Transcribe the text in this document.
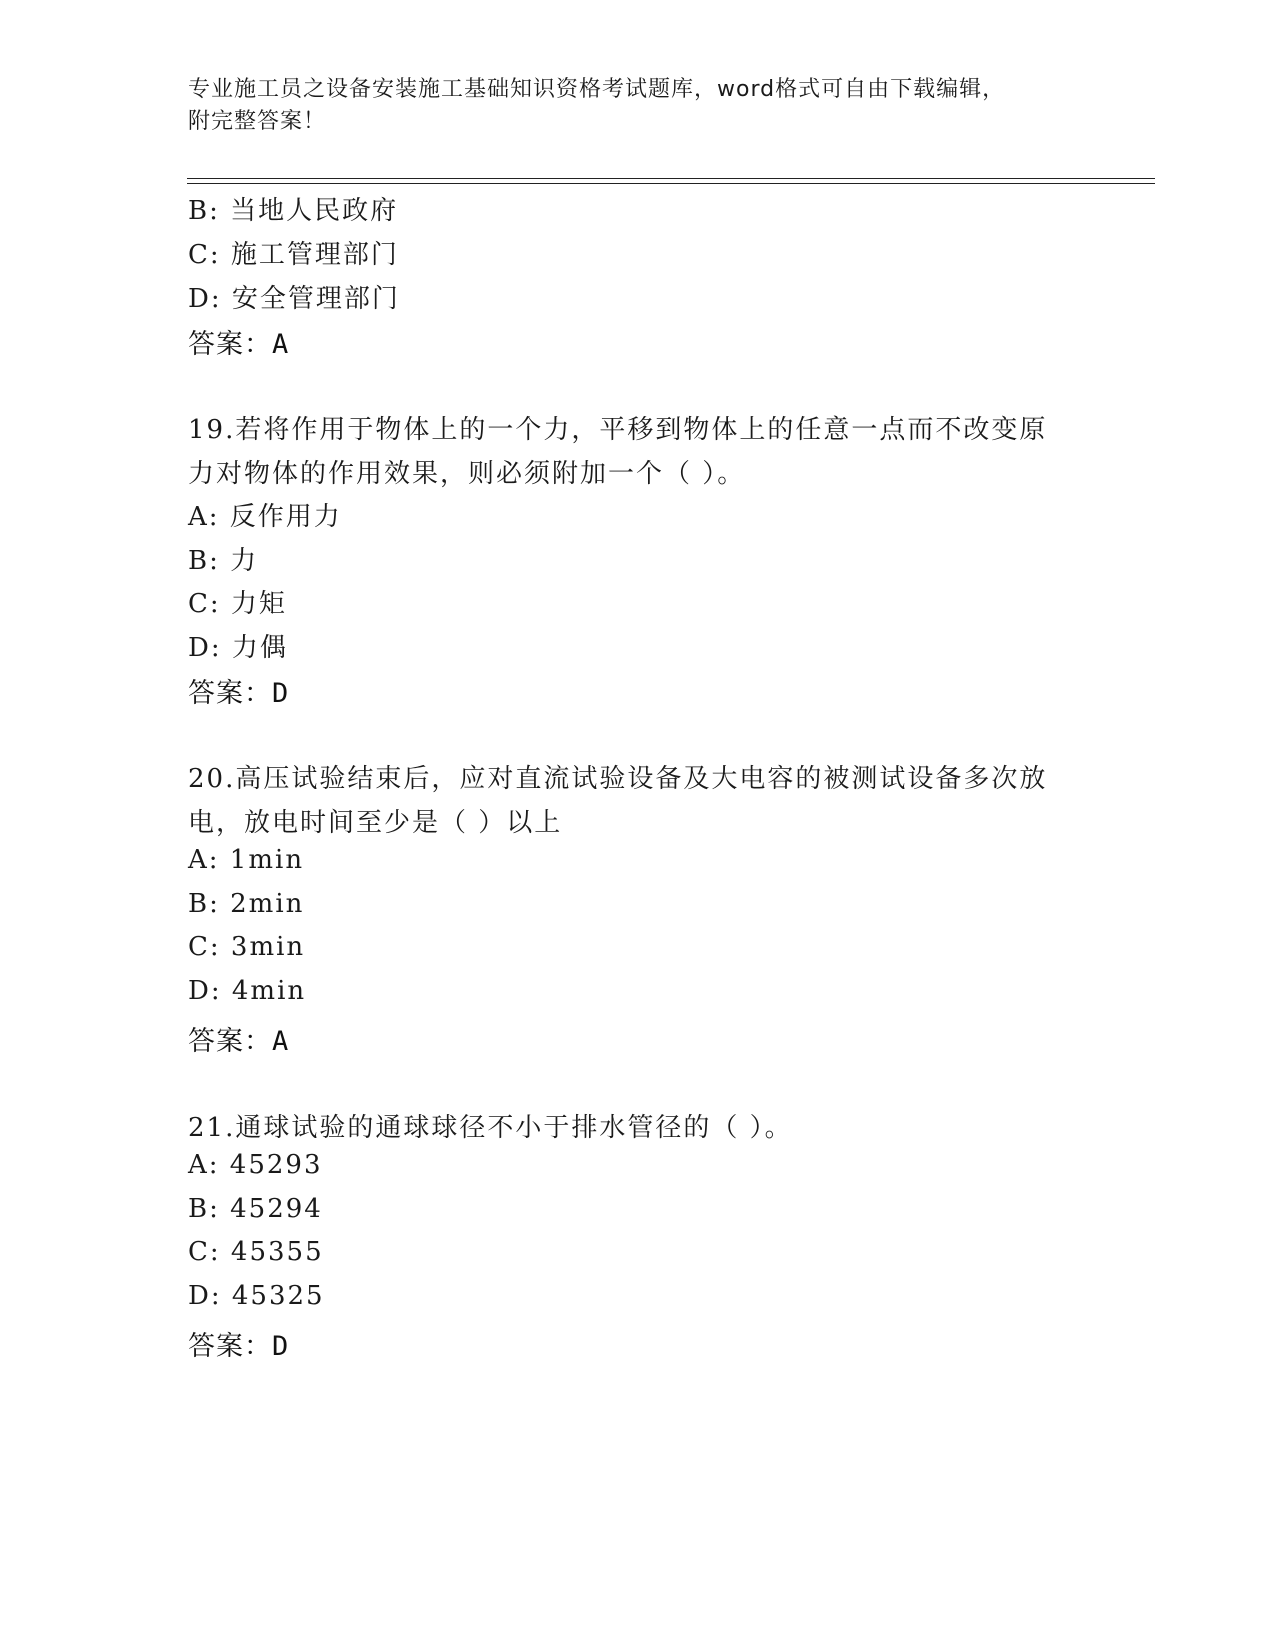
专业施工员之设备安装施工基础知识资格考试题库，word格式可自由下载编辑，
附完整答案！
B: 当地人民政府
C: 施工管理部门
D: 安全管理部门
答案：A
19.若将作用于物体上的一个力，平移到物体上的任意一点而不改变原
力对物体的作用效果，则必须附加一个（ ）。
A: 反作用力
B: 力
C: 力矩
D: 力偶
答案：D
20.高压试验结束后，应对直流试验设备及大电容的被测试设备多次放
电，放电时间至少是（ ）以上
A: 1min
B: 2min
C: 3min
D: 4min
答案：A
21.通球试验的通球球径不小于排水管径的（ ）。
A: 45293
B: 45294
C: 45355
D: 45325
答案：D
